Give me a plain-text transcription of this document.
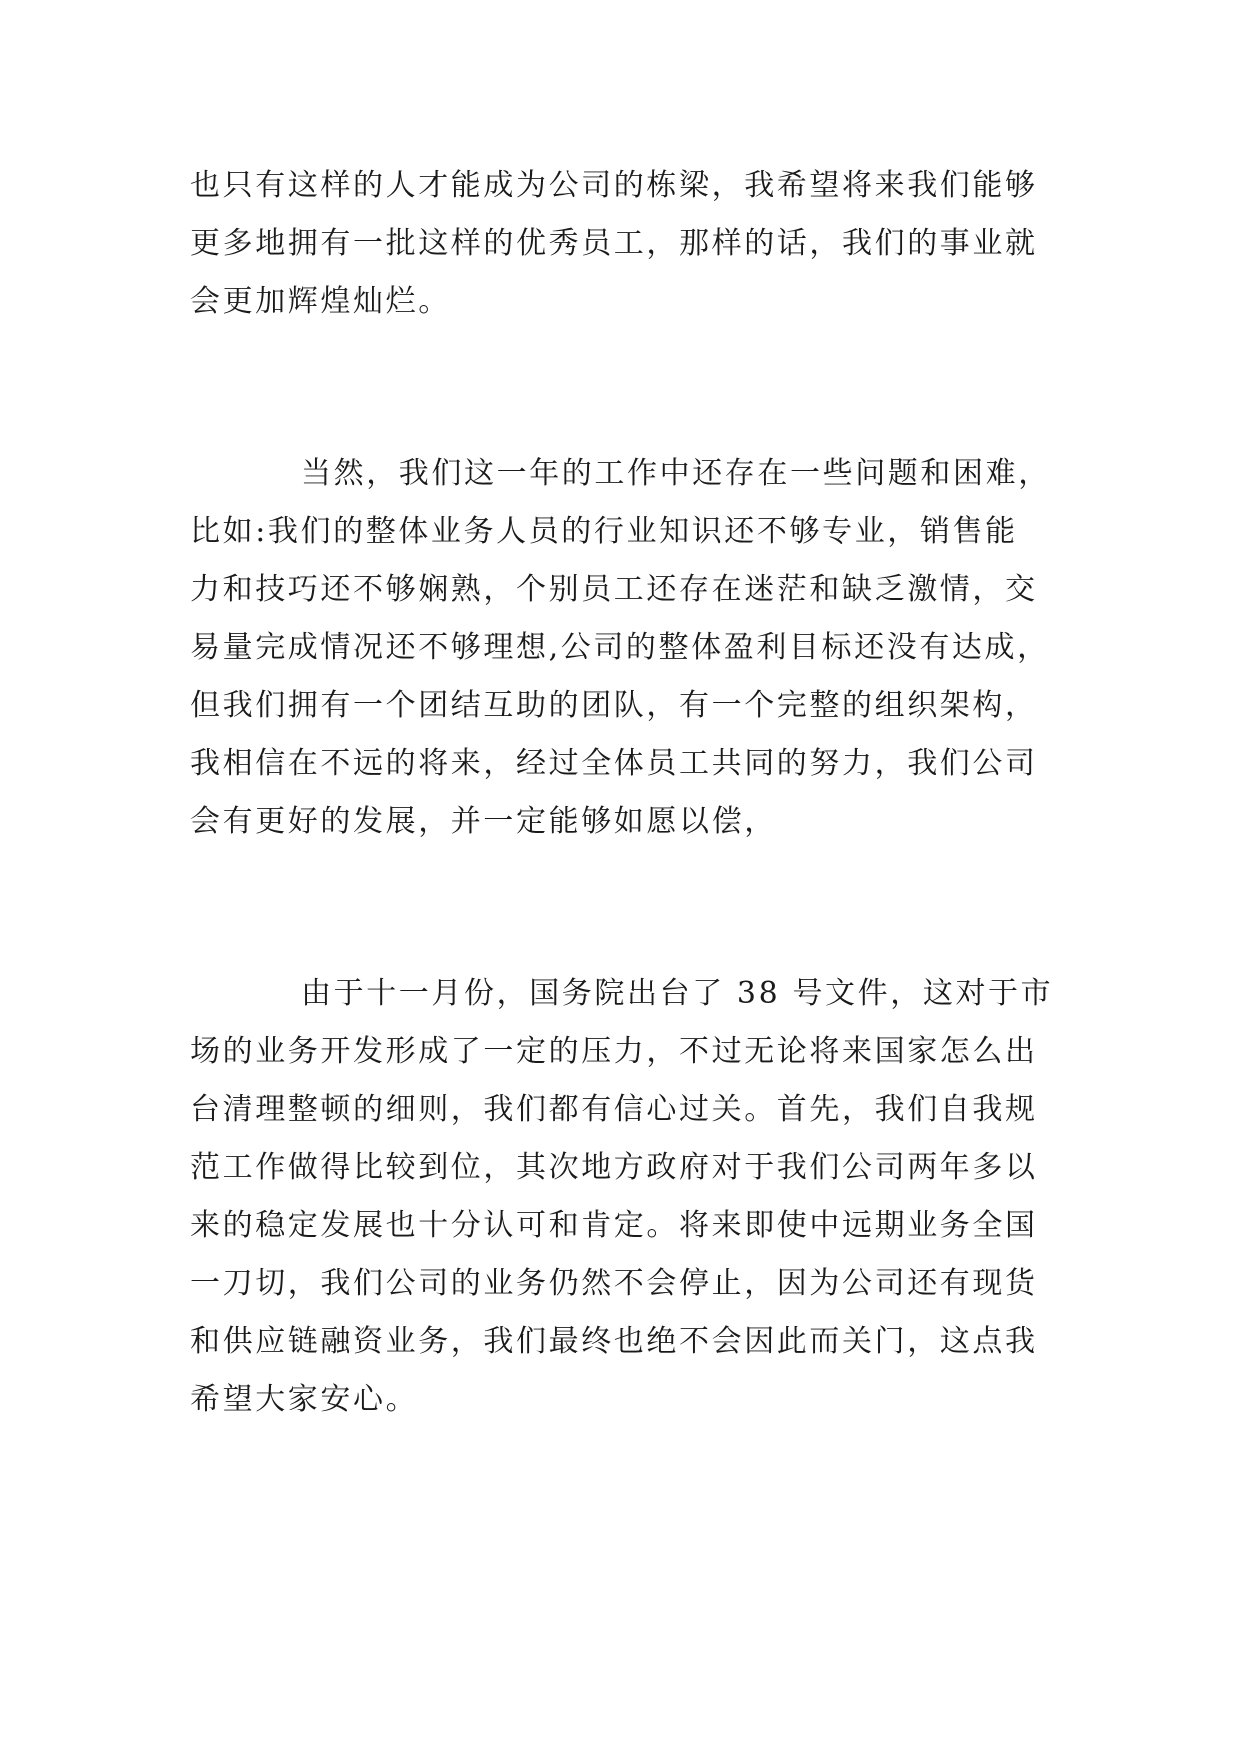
也只有这样的人才能成为公司的栋梁，我希望将来我们能够
更多地拥有一批这样的优秀员工，那样的话，我们的事业就
会更加辉煌灿烂。
当然，我们这一年的工作中还存在一些问题和困难，
比如:我们的整体业务人员的行业知识还不够专业，销售能
力和技巧还不够娴熟，个别员工还存在迷茫和缺乏激情，交
易量完成情况还不够理想,公司的整体盈利目标还没有达成，
但我们拥有一个团结互助的团队，有一个完整的组织架构，
我相信在不远的将来，经过全体员工共同的努力，我们公司
会有更好的发展，并一定能够如愿以偿，
由于十一月份，国务院出台了 38 号文件，这对于市
场的业务开发形成了一定的压力，不过无论将来国家怎么出
台清理整顿的细则，我们都有信心过关。首先，我们自我规
范工作做得比较到位，其次地方政府对于我们公司两年多以
来的稳定发展也十分认可和肯定。将来即使中远期业务全国
一刀切，我们公司的业务仍然不会停止，因为公司还有现货
和供应链融资业务，我们最终也绝不会因此而关门，这点我
希望大家安心。
